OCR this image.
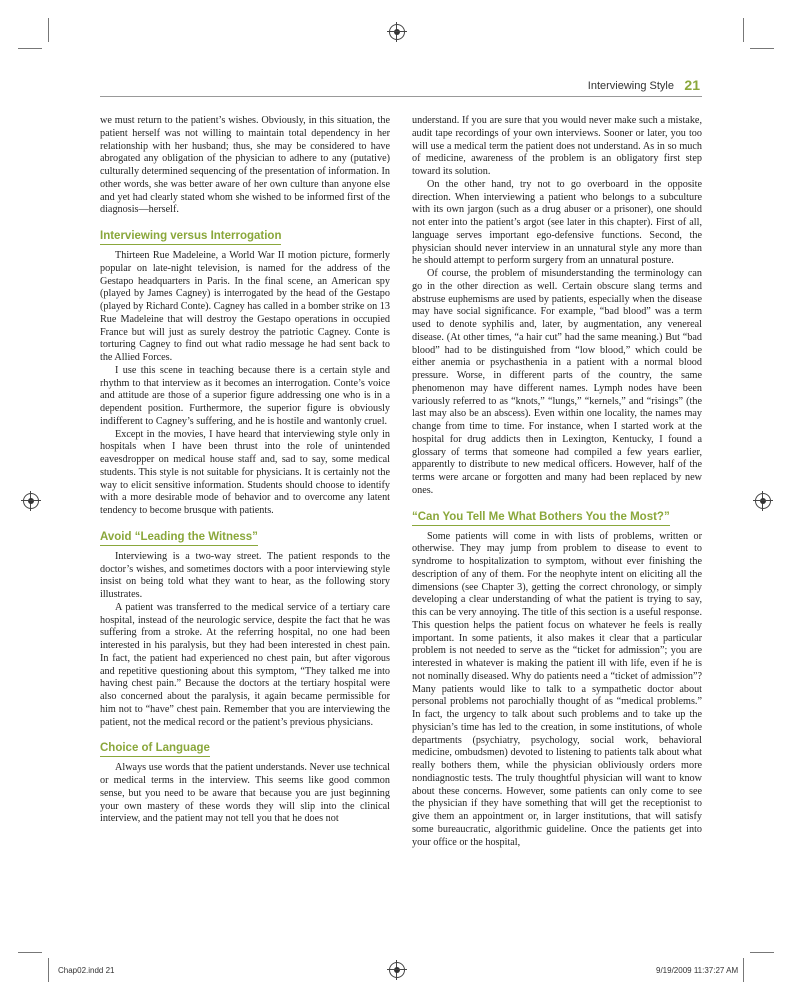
Interviewing Style 21

we must return to the patient’s wishes. Obviously, in this situation, the patient herself was not willing to maintain total dependency in her relationship with her husband; thus, she may be considered to have abrogated any obligation of the physician to adhere to any (putative) culturally determined sequencing of the presentation of information. In other words, she was better aware of her own culture than anyone else and yet had clearly stated whom she wished to be informed first of the diagnosis—herself.

Interviewing versus Interrogation

Thirteen Rue Madeleine, a World War II motion picture, formerly popular on late-night television, is named for the address of the Gestapo headquarters in Paris. In the final scene, an American spy (played by James Cagney) is interrogated by the head of the Gestapo (played by Richard Conte). Cagney has called in a bomber strike on 13 Rue Madeleine that will destroy the Gestapo operations in occupied France but will just as surely destroy the patriotic Cagney. Conte is torturing Cagney to find out what radio message he had sent back to the Allied Forces.

I use this scene in teaching because there is a certain style and rhythm to that interview as it becomes an interrogation. Conte’s voice and attitude are those of a superior figure addressing one who is in a dependent position. Furthermore, the superior figure is obviously indifferent to Cagney’s suffering, and he is hostile and wantonly cruel.

Except in the movies, I have heard that interviewing style only in hospitals when I have been thrust into the role of unintended eavesdropper on medical house staff and, sad to say, some medical students. This style is not suitable for physicians. It is certainly not the way to elicit sensitive information. Students should choose to identify with a more desirable mode of behavior and to overcome any latent tendency to become brusque with patients.

Avoid “Leading the Witness”

Interviewing is a two-way street. The patient responds to the doctor’s wishes, and sometimes doctors with a poor interviewing style insist on being told what they want to hear, as the following story illustrates.

A patient was transferred to the medical service of a tertiary care hospital, instead of the neurologic service, despite the fact that he was suffering from a stroke. At the referring hospital, no one had been interested in his paralysis, but they had been interested in chest pain. In fact, the patient had experienced no chest pain, but after vigorous and repetitive questioning about this symptom, “They talked me into having chest pain.” Because the doctors at the tertiary hospital were also concerned about the paralysis, it again became permissible for him not to “have” chest pain. Remember that you are interviewing the patient, not the medical record or the patient’s previous physicians.

Choice of Language

Always use words that the patient understands. Never use technical or medical terms in the interview. This seems like good common sense, but you need to be aware that because you are just beginning your own mastery of these words they will slip into the clinical interview, and the patient may not tell you that he does not

understand. If you are sure that you would never make such a mistake, audit tape recordings of your own interviews. Sooner or later, you too will use a medical term the patient does not understand. As in so much of medicine, awareness of the problem is an obligatory first step toward its solution.

On the other hand, try not to go overboard in the opposite direction. When interviewing a patient who belongs to a subculture with its own jargon (such as a drug abuser or a prisoner), one should not enter into the patient’s argot (see later in this chapter). First of all, language serves important ego-defensive functions. Second, the physician should never interview in an unnatural style any more than he should attempt to perform surgery from an unnatural posture.

Of course, the problem of misunderstanding the terminology can go in the other direction as well. Certain obscure slang terms and abstruse euphemisms are used by patients, especially when the disease may have social significance. For example, “bad blood” was a term used to denote syphilis and, later, by augmentation, any venereal disease. (At other times, “a hair cut” had the same meaning.) But “bad blood” had to be distinguished from “low blood,” which could be either anemia or psychasthenia in a patient with a normal blood pressure. Worse, in different parts of the country, the same phenomenon may have different names. Lymph nodes have been variously referred to as “knots,” “lungs,” “kernels,” and “risings” (the last may also be an abscess). Even within one locality, the names may change from time to time. For instance, when I started work at the hospital for drug addicts then in Lexington, Kentucky, I found a glossary of terms that someone had compiled a few years earlier, apparently to distribute to new medical officers. However, half of the terms were arcane or forgotten and many had been replaced by new ones.

“Can You Tell Me What Bothers You the Most?”

Some patients will come in with lists of problems, written or otherwise. They may jump from problem to disease to event to syndrome to hospitalization to symptom, without ever finishing the description of any of them. For the neophyte intent on eliciting all the dimensions (see Chapter 3), getting the correct chronology, or simply developing a clear understanding of what the patient is trying to say, this can be very annoying. The title of this section is a useful response. This question helps the patient focus on whatever he feels is really important. In some patients, it also makes it clear that a particular problem is not needed to serve as the “ticket for admission”; you are interested in whatever is making the patient ill with life, even if he is not nominally diseased. Why do patients need a “ticket of admission”? Many patients would like to talk to a sympathetic doctor about personal problems not parochially thought of as “medical problems.” In fact, the urgency to talk about such problems and to take up the physician’s time has led to the creation, in some institutions, of whole departments (psychiatry, psychology, social work, behavioral medicine, ombudsmen) devoted to listening to patients talk about what really bothers them, while the physician obliviously orders more nondiagnostic tests. The truly thoughtful physician will want to know about these concerns. However, some patients can only come to see the physician if they have something that will get the receptionist to give them an appointment or, in larger institutions, that will satisfy some bureaucratic, algorithmic guideline. Once the patients get into your office or the hospital,

Chap02.indd 21	9/19/2009 11:37:27 AM
